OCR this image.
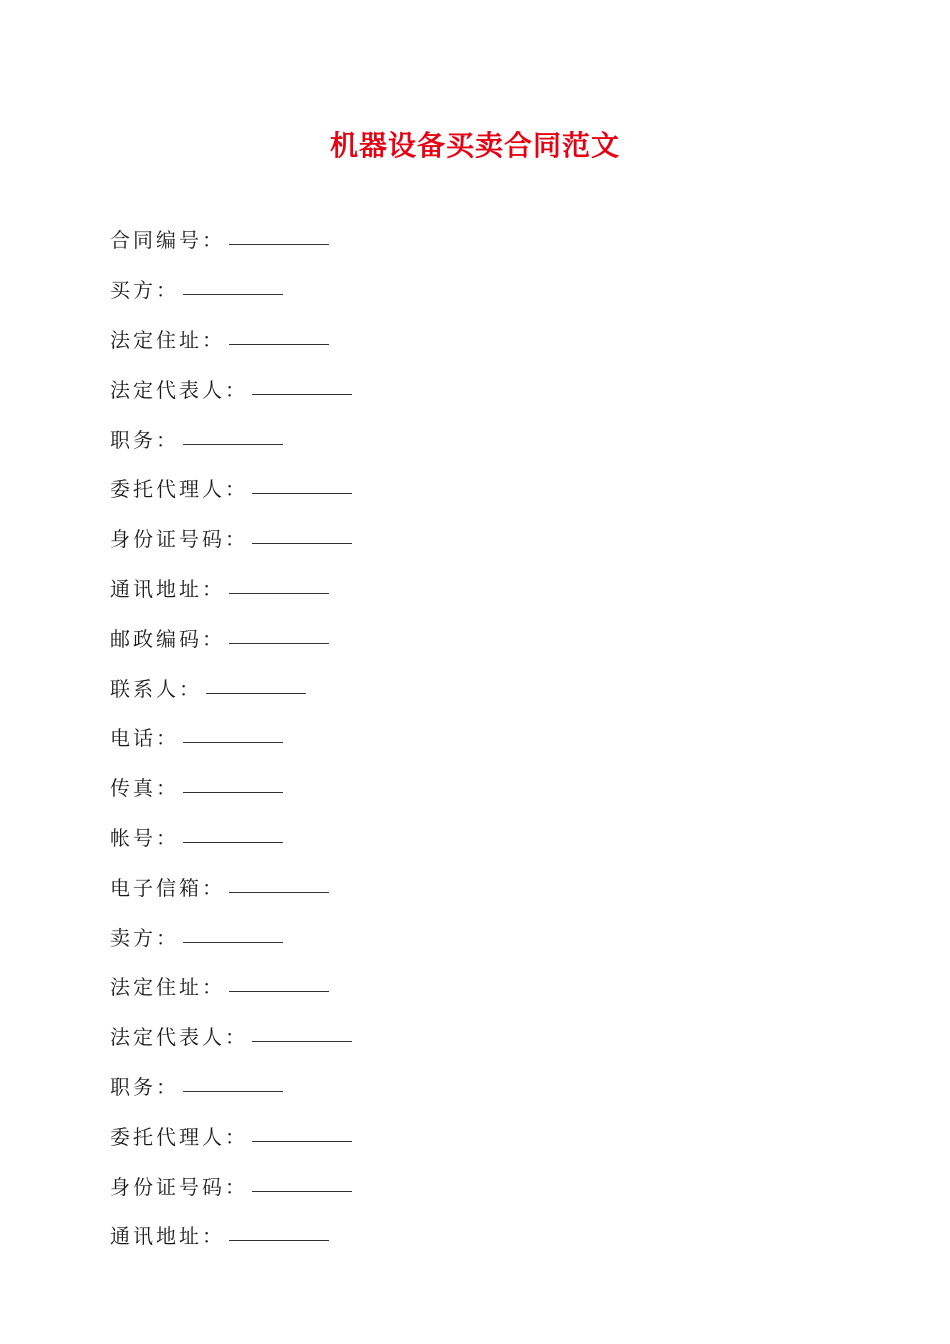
机器设备买卖合同范文
合同编号：
买方：
法定住址：
法定代表人：
职务：
委托代理人：
身份证号码：
通讯地址：
邮政编码：
联系人：
电话：
传真：
帐号：
电子信箱：
卖方：
法定住址：
法定代表人：
职务：
委托代理人：
身份证号码：
通讯地址：
